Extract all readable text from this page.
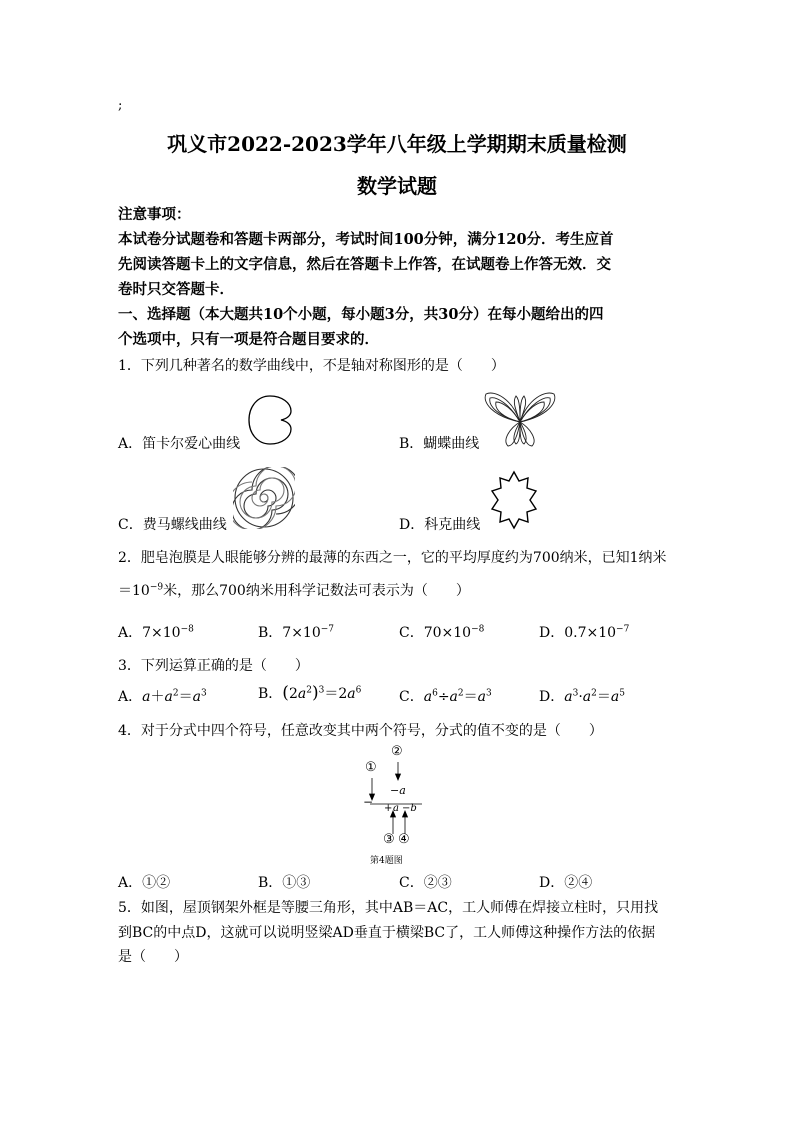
;
巩义市2022-2023学年八年级上学期期末质量检测
数学试题
注意事项：
本试卷分试题卷和答题卡两部分，考试时间100分钟，满分120分．考生应首
先阅读答题卡上的文字信息，然后在答题卡上作答，在试题卷上作答无效．交
卷时只交答题卡．
一、选择题（本大题共10个小题，每小题3分，共30分）在每小题给出的四
个选项中，只有一项是符合题目要求的．
1．下列几种著名的数学曲线中，不是轴对称图形的是（　　）
A．笛卡尔爱心曲线	B．蝴蝶曲线
C．费马螺线曲线	D．科克曲线
2．肥皂泡膜是人眼能够分辨的最薄的东西之一，它的平均厚度约为700纳米，已知1纳米
$=10^{-9}$米，那么700纳米用科学记数法可表示为（　　）
A．$7\times 10^{-8}$	B．$7\times 10^{-7}$	C．$70\times 10^{-8}$	D．$0.7\times 10^{-7}$
3．下列运算正确的是（　　）
A．$a+a^2=a^3$	B．$(2a^2)^3=2a^6$	C．$a^6\div a^2=a^3$	D．$a^3\cdot a^2=a^5$
4．对于分式中四个符号，任意改变其中两个符号，分式的值不变的是（　　）
①
②
−
−a
+ a −b
③ ④
第4题图
A．①②	B．①③	C．②③	D．②④
5．如图，屋顶钢架外框是等腰三角形，其中AB＝AC，工人师傅在焊接立柱时，只用找
到BC的中点D，这就可以说明竖梁AD垂直于横梁BC了，工人师傅这种操作方法的依据
是（　　）
